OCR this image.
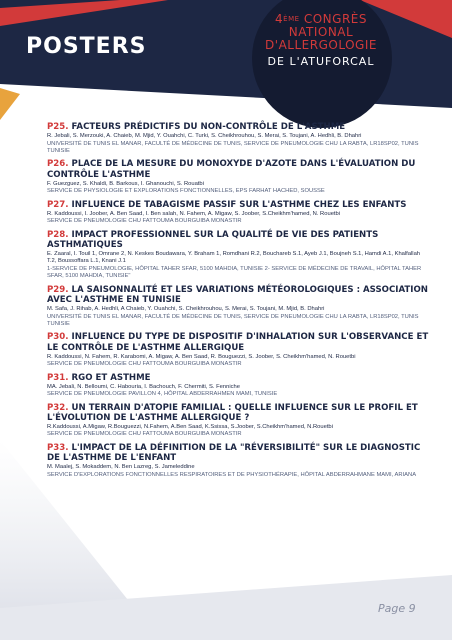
POSTERS
4ÈME CONGRÈS
NATIONAL D'ALLERGOLOGIE
DE L'ATUFORCAL
P25. FACTEURS PRÉDICTIFS DU NON-CONTRÔLE DE L'ASTHME
R. Jebali, S. Merzouki, A. Chaieb, M. Mjid, Y. Ouahchi, C. Turki, S. Cheikhrouhou, S. Merai, S. Toujani, A. Hedhli, B. Dhahri
UNIVERSITÉ DE TUNIS EL MANAR, FACULTÉ DE MÉDECINE DE TUNIS, SERVICE DE PNEUMOLOGIE CHU LA RABTA, LR18SP02, TUNIS TUNISIE
P26. PLACE DE LA MESURE DU MONOXYDE D'AZOTE DANS L'ÉVALUATION DU CONTRÔLE L'ASTHME
F. Guezguez, S. Khaldi, B. Barkous, I. Ghanouchi, S. Rouatbi
SERVICE DE PHYSIOLOGIE ET EXPLORATIONS FONCTIONNELLES, EPS FARHAT HACHED, SOUSSE
P27. INFLUENCE DE TABAGISME PASSIF SUR L'ASTHME CHEZ LES ENFANTS
R. Kaddoussi, I. Joober, A. Ben Saad, I. Ben salah, N. Fahem, A. Migaw, S. Joober, S.Cheikhm'hamed, N. Rouetbi
SERVICE DE PNEUMOLOGIE CHU FATTOUMA BOURGUIBA MONASTIR
P28. IMPACT PROFESSIONNEL SUR LA QUALITÉ DE VIE DES PATIENTS ASTHMATIQUES
E. Zaaral, I. Touil 1, Omrane 2, N. Keskes Boudawara, Y. Braham 1, Romdhani R.2, Bouchareb S.1, Ayeb J.1, Boujneh S.1, Hamdi A.1, Khalfallah T.2, Boussoffara L.1, Knani J.1
1-SERVICE DE PNEUMOLOGIE, HÔPITAL TAHER SFAR, 5100 MAHDIA, TUNISIE 2- SERVICE DE MÉDECINE DE TRAVAIL, HÔPITAL TAHER SFAR, 5100 MAHDIA, TUNISIE"
P29. LA SAISONNALITÉ ET LES VARIATIONS MÉTÉOROLOGIQUES : ASSOCIATION AVEC L'ASTHME EN TUNISIE
M. Safa, J. Rihab, A. Hedhli, A Chaieb, Y. Ouahchi, S. Cheikhrouhou, S. Merai, S. Toujani, M. Mjid, B. Dhahri
UNIVERSITÉ DE TUNIS EL MANAR, FACULTÉ DE MÉDECINE DE TUNIS, SERVICE DE PNEUMOLOGIE CHU LA RABTA, LR18SP02, TUNIS TUNISIE
P30. INFLUENCE DU TYPE DE DISPOSITIF D'INHALATION SUR L'OBSERVANCE ET LE CONTRÔLE DE L'ASTHME ALLERGIQUE
R. Kaddoussi, N. Fahem, R. Karabomi, A. Migaw, A. Ben Saad, R. Bouguezzi, S. Joober, S. Cheikhm'hamed, N. Rouetbi
SERVICE DE PNEUMOLOGIE CHU FATTOUMA BOURGUIBA MONASTIR
P31. RGO ET ASTHME
MA. Jebali, N. Belloumi, C. Habouria, I. Bachouch, F. Chermiti, S. Fenniche
SERVICE DE PNEUMOLOGIE PAVILLON 4, HÔPITAL ABDERRAHMEN MAMI, TUNISIE
P32. UN TERRAIN D'ATOPIE FAMILIAL : QUELLE INFLUENCE SUR LE PROFIL ET L'ÉVOLUTION DE L'ASTHME ALLERGIQUE ?
R.Kaddoussi, A.Migaw, R.Bouguezzi, N.Fahem, A.Ben Saad, K.Ssissa, S.Joober, S.Cheikhm'hamed, N.Rouetbi
SERVICE DE PNEUMOLOGIE CHU FATTOUMA BOURGUIBA MONASTIR
P33. L'IMPACT DE LA DÉFINITION DE LA "RÉVERSIBILITÉ" SUR LE DIAGNOSTIC DE L'ASTHME DE L'ENFANT
M. Maalej, S. Mokaddem, N. Ben Lazreg, S. Jameleddine
SERVICE D'EXPLORATIONS FONCTIONNELLES RESPIRATOIRES ET DE PHYSIOTHÉRAPIE, HÔPITAL ABDERRAHMANE MAMI, ARIANA
Page 9
